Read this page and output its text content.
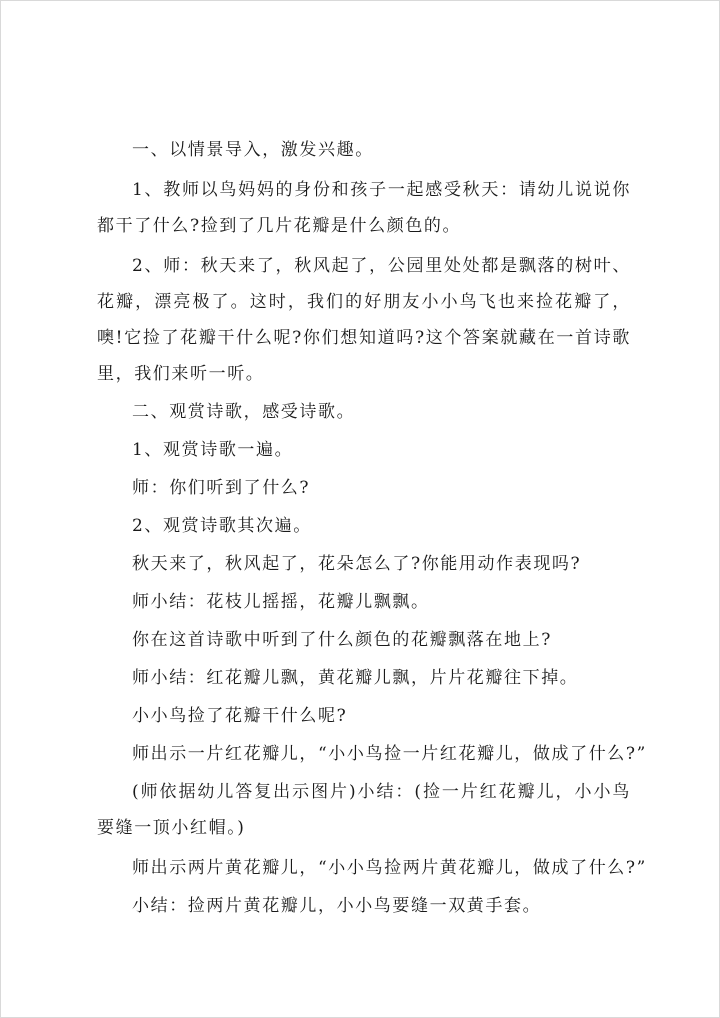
一、以情景导入，激发兴趣。

1、教师以鸟妈妈的身份和孩子一起感受秋天：请幼儿说说你都干了什么?捡到了几片花瓣是什么颜色的。

2、师：秋天来了，秋风起了，公园里处处都是飘落的树叶、花瓣，漂亮极了。这时，我们的好朋友小小鸟飞也来捡花瓣了，噢!它捡了花瓣干什么呢?你们想知道吗?这个答案就藏在一首诗歌里，我们来听一听。

二、观赏诗歌，感受诗歌。

1、观赏诗歌一遍。

师：你们听到了什么?

2、观赏诗歌其次遍。

秋天来了，秋风起了，花朵怎么了?你能用动作表现吗?

师小结：花枝儿摇摇，花瓣儿飘飘。

你在这首诗歌中听到了什么颜色的花瓣飘落在地上?

师小结：红花瓣儿飘，黄花瓣儿飘，片片花瓣往下掉。

小小鸟捡了花瓣干什么呢?

师出示一片红花瓣儿，“小小鸟捡一片红花瓣儿，做成了什么?”

(师依据幼儿答复出示图片)小结：(捡一片红花瓣儿，小小鸟要缝一顶小红帽。)

师出示两片黄花瓣儿，“小小鸟捡两片黄花瓣儿，做成了什么?”

小结：捡两片黄花瓣儿，小小鸟要缝一双黄手套。
